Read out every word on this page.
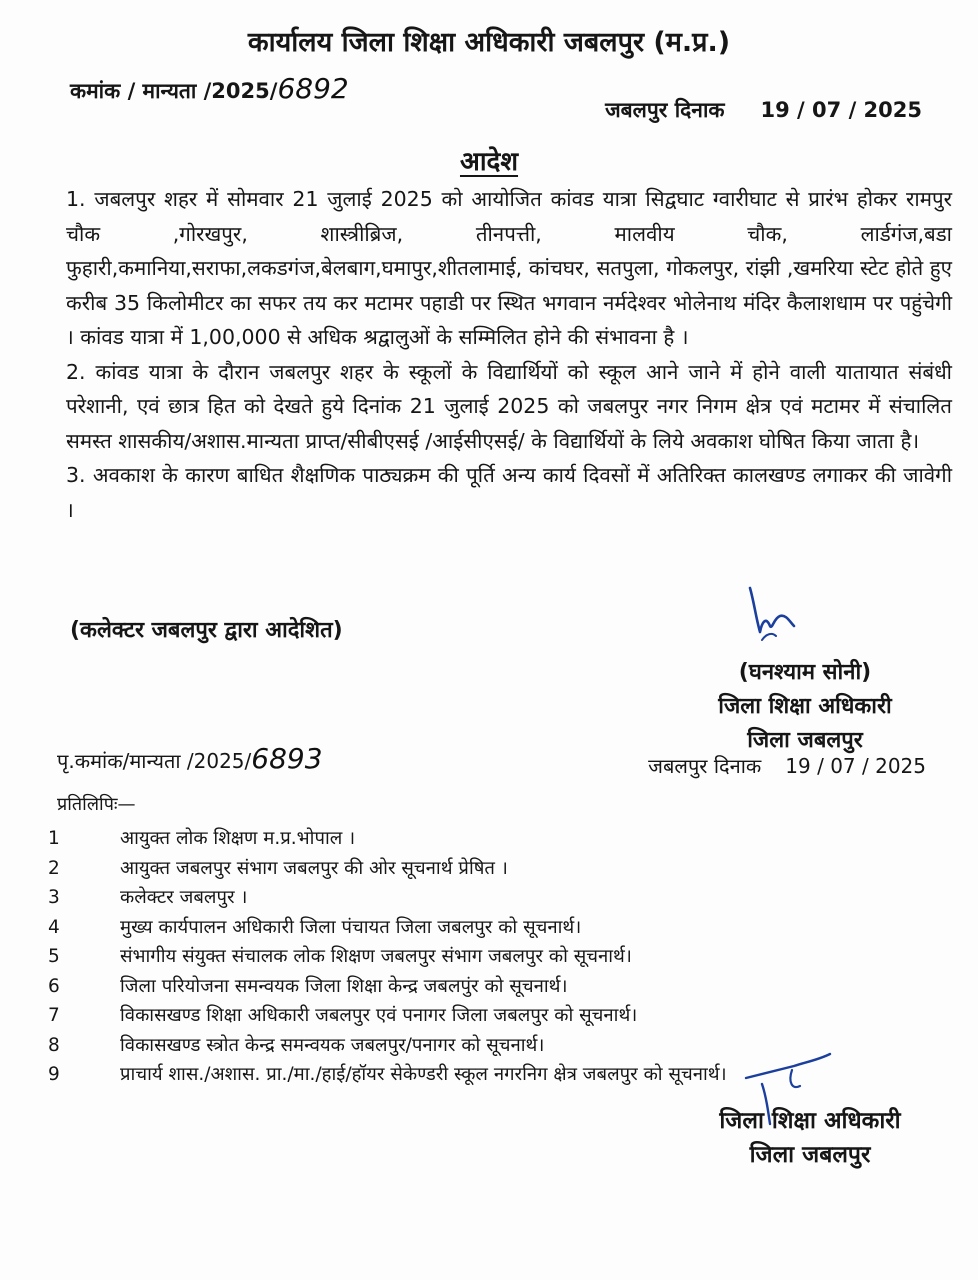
कार्यालय जिला शिक्षा अधिकारी जबलपुर (म.प्र.)
कमांक / मान्यता /2025/6892
जबलपुर दिनाक 19 / 07 / 2025
आदेश

1. जबलपुर शहर में सोमवार 21 जुलाई 2025 को आयोजित कांवड यात्रा सिद्वघाट ग्वारीघाट से प्रारंभ होकर रामपुर चौक ,गोरखपुर, शास्त्रीब्रिज, तीनपत्ती, मालवीय चौक, लार्डगंज,बडा फुहारी,कमानिया,सराफा,लकडगंज,बेलबाग,घमापुर,शीतलामाई, कांचघर, सतपुला, गोकलपुर, रांझी ,खमरिया स्टेट होते हुए करीब 35 किलोमीटर का सफर तय कर मटामर पहाडी पर स्थित भगवान नर्मदेश्वर भोलेनाथ मंदिर कैलाशधाम पर पहुंचेगी । कांवड यात्रा में 1,00,000 से अधिक श्रद्वालुओं के सम्मिलित होने की संभावना है ।

2. कांवड यात्रा के दौरान जबलपुर शहर के स्कूलों के विद्यार्थियों को स्कूल आने जाने में होने वाली यातायात संबंधी परेशानी, एवं छात्र हित को देखते हुये दिनांक 21 जुलाई 2025 को जबलपुर नगर निगम क्षेत्र एवं मटामर में संचालित समस्त शासकीय/अशास.मान्यता प्राप्त/सीबीएसई /आईसीएसई/ के विद्यार्थियों के लिये अवकाश घोषित किया जाता है।

3. अवकाश के कारण बाधित शैक्षणिक पाठ्यक्रम की पूर्ति अन्य कार्य दिवसों में अतिरिक्त कालखण्ड लगाकर की जावेगी ।

(कलेक्टर जबलपुर द्वारा आदेशित)
(घनश्याम सोनी)
जिला शिक्षा अधिकारी
जिला जबलपुर
पृ.कमांक/मान्यता /2025/6893	जबलपुर दिनाक 19 / 07 / 2025
प्रतिलिपिः—
1	आयुक्त लोक शिक्षण म.प्र.भोपाल ।
2	आयुक्त जबलपुर संभाग जबलपुर की ओर सूचनार्थ प्रेषित ।
3	कलेक्टर जबलपुर ।
4	मुख्य कार्यपालन अधिकारी जिला पंचायत जिला जबलपुर को सूचनार्थ।
5	संभागीय संयुक्त संचालक लोक शिक्षण जबलपुर संभाग जबलपुर को सूचनार्थ।
6	जिला परियोजना समन्वयक जिला शिक्षा केन्द्र जबलपुंर को सूचनार्थ।
7	विकासखण्ड शिक्षा अधिकारी जबलपुर एवं पनागर जिला जबलपुर को सूचनार्थ।
8	विकासखण्ड स्त्रोत केन्द्र समन्वयक जबलपुर/पनागर को सूचनार्थ।
9	प्राचार्य शास./अशास. प्रा./मा./हाई/हॉयर सेकेण्डरी स्कूल नगरनिग क्षेत्र जबलपुर को सूचनार्थ।
जिला शिक्षा अधिकारी
जिला जबलपुर
